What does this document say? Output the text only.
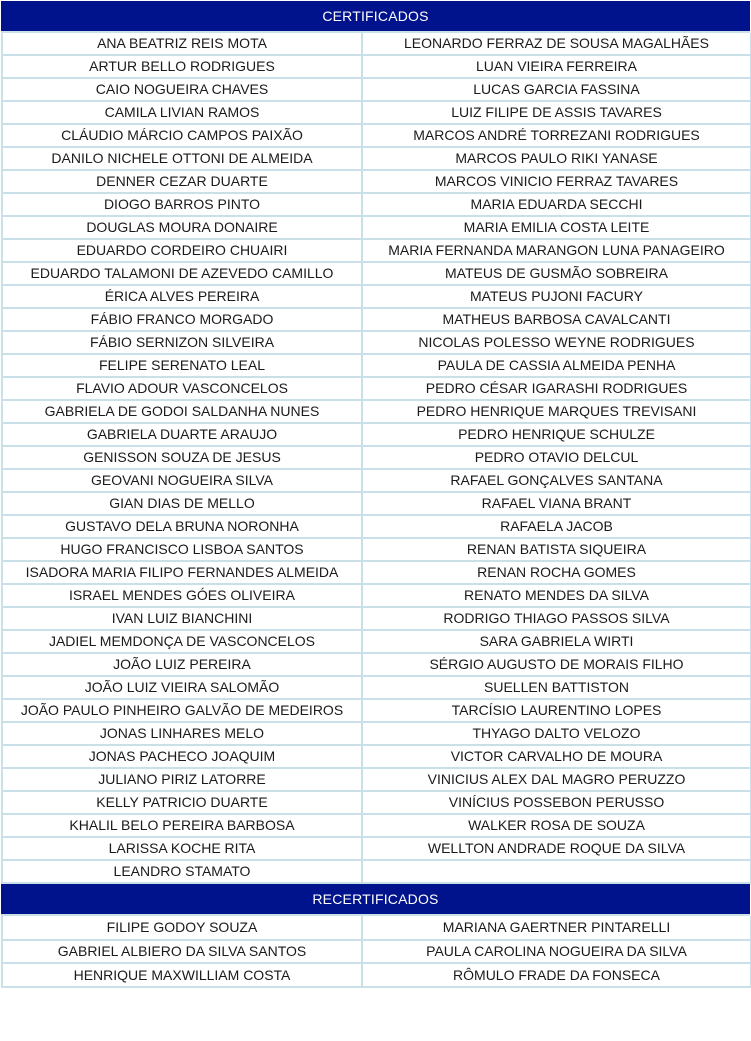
CERTIFICADOS
ANA BEATRIZ REIS MOTA	LEONARDO FERRAZ DE SOUSA MAGALHÃES
ARTUR BELLO RODRIGUES	LUAN VIEIRA FERREIRA
CAIO NOGUEIRA CHAVES	LUCAS GARCIA FASSINA
CAMILA LIVIAN RAMOS	LUIZ FILIPE DE ASSIS TAVARES
CLÁUDIO MÁRCIO CAMPOS PAIXÃO	MARCOS ANDRÉ TORREZANI RODRIGUES
DANILO NICHELE OTTONI DE ALMEIDA	MARCOS PAULO RIKI YANASE
DENNER CEZAR DUARTE	MARCOS VINICIO FERRAZ TAVARES
DIOGO BARROS PINTO	MARIA EDUARDA SECCHI
DOUGLAS MOURA DONAIRE	MARIA EMILIA COSTA LEITE
EDUARDO CORDEIRO CHUAIRI	MARIA FERNANDA MARANGON LUNA PANAGEIRO
EDUARDO TALAMONI DE AZEVEDO CAMILLO	MATEUS DE GUSMÃO SOBREIRA
ÉRICA ALVES PEREIRA	MATEUS PUJONI FACURY
FÁBIO FRANCO MORGADO	MATHEUS BARBOSA CAVALCANTI
FÁBIO SERNIZON SILVEIRA	NICOLAS POLESSO WEYNE RODRIGUES
FELIPE SERENATO LEAL	PAULA DE CASSIA ALMEIDA PENHA
FLAVIO ADOUR VASCONCELOS	PEDRO CÉSAR IGARASHI RODRIGUES
GABRIELA DE GODOI SALDANHA NUNES	PEDRO HENRIQUE MARQUES TREVISANI
GABRIELA DUARTE ARAUJO	PEDRO HENRIQUE SCHULZE
GENISSON SOUZA DE JESUS	PEDRO OTAVIO DELCUL
GEOVANI NOGUEIRA SILVA	RAFAEL GONÇALVES SANTANA
GIAN DIAS DE MELLO	RAFAEL VIANA BRANT
GUSTAVO DELA BRUNA NORONHA	RAFAELA JACOB
HUGO FRANCISCO LISBOA SANTOS	RENAN BATISTA SIQUEIRA
ISADORA MARIA FILIPO FERNANDES ALMEIDA	RENAN ROCHA GOMES
ISRAEL MENDES GÓES OLIVEIRA	RENATO MENDES DA SILVA
IVAN LUIZ BIANCHINI	RODRIGO THIAGO PASSOS SILVA
JADIEL MEMDONÇA DE VASCONCELOS	SARA GABRIELA WIRTI
JOÃO LUIZ PEREIRA	SÉRGIO AUGUSTO DE MORAIS FILHO
JOÃO LUIZ VIEIRA SALOMÃO	SUELLEN BATTISTON
JOÃO PAULO PINHEIRO GALVÃO DE MEDEIROS	TARCÍSIO LAURENTINO LOPES
JONAS LINHARES MELO	THYAGO DALTO VELOZO
JONAS PACHECO JOAQUIM	VICTOR CARVALHO DE MOURA
JULIANO PIRIZ LATORRE	VINICIUS ALEX DAL MAGRO PERUZZO
KELLY PATRICIO DUARTE	VINÍCIUS POSSEBON PERUSSO
KHALIL BELO PEREIRA BARBOSA	WALKER ROSA DE SOUZA
LARISSA KOCHE RITA	WELLTON ANDRADE ROQUE DA SILVA
LEANDRO STAMATO	
RECERTIFICADOS
FILIPE GODOY SOUZA	MARIANA GAERTNER PINTARELLI
GABRIEL ALBIERO DA SILVA SANTOS	PAULA CAROLINA NOGUEIRA DA SILVA
HENRIQUE MAXWILLIAM COSTA	RÔMULO FRADE DA FONSECA
